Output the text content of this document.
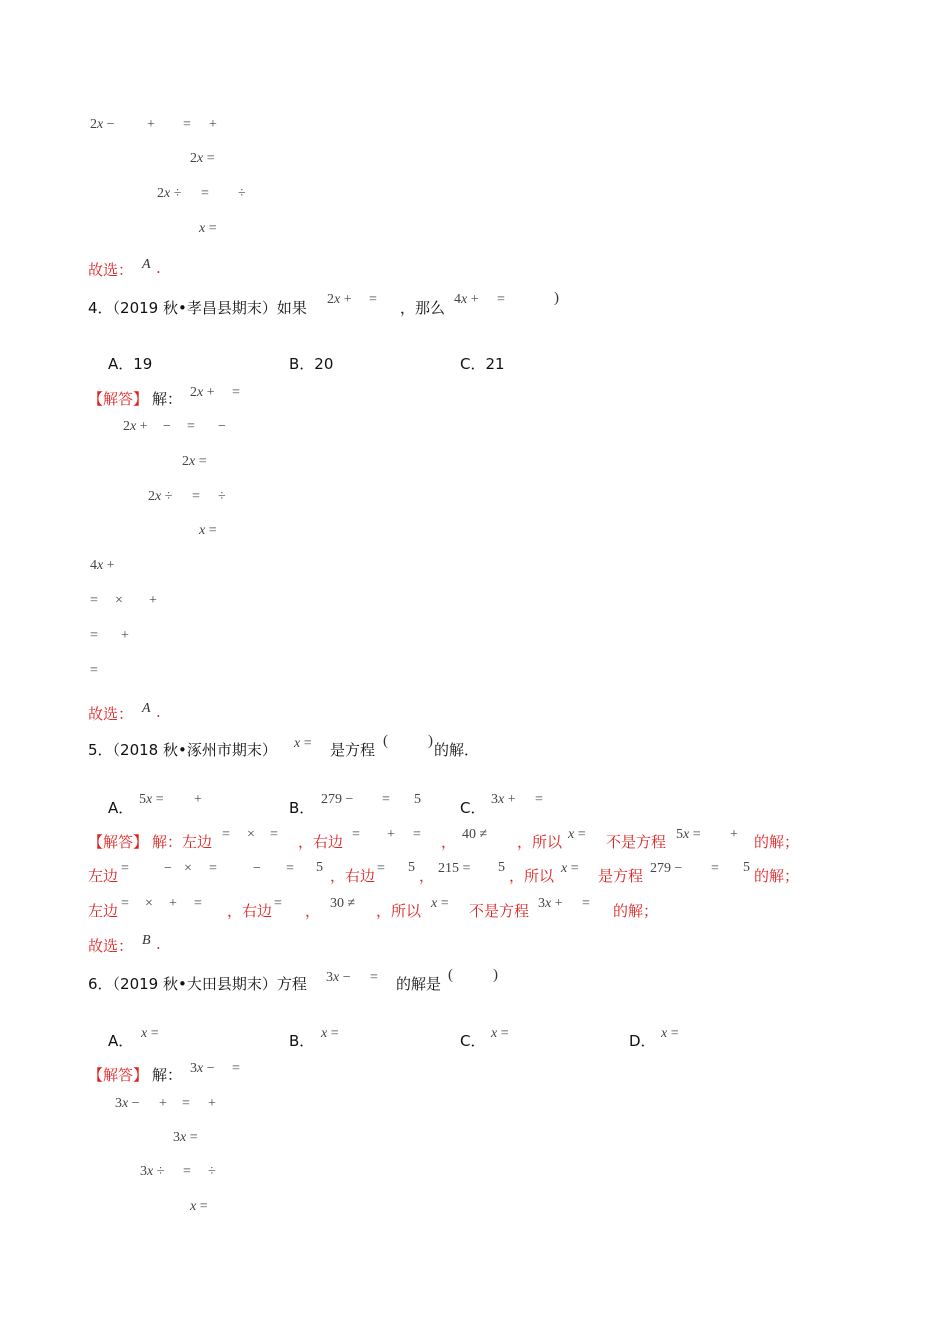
2x − + = +
2x =
2x ÷ = ÷
x =
故选： A .
4．（2019 秋•孝昌县期末）如果 2x + = ，那么 4x + =	)
A．19	B．20	C．21
【解答】 解： 2x + =
2x + − = −
2x =
2x ÷ = ÷
x =
4x +
= × +
= +
=
故选： A .
5．（2018 秋•涿州市期末） x = 是方程 (	) 的解．
A． 5x = +	B． 279 − = 5	C． 3x + =
【解答】 解：左边 = × = ，右边 = + = ， 40 ≠ ，所以 x = 不是方程 5x = + 的解；
左边 =	− × =	− = 5 ，右边 = 5 ， 215 = 5 ，所以 x = 是方程 279 − = 5 的解；
左边 = × + = ，右边 = ， 30 ≠ ，所以 x = 不是方程 3x + = 的解；
故选： B .
6．（2019 秋•大田县期末）方程 3x − = 的解是 (	)
A． x =	B． x =	C． x =	D． x =
【解答】 解： 3x − =
3x − + = +
3x =
3x ÷ = ÷
x =
